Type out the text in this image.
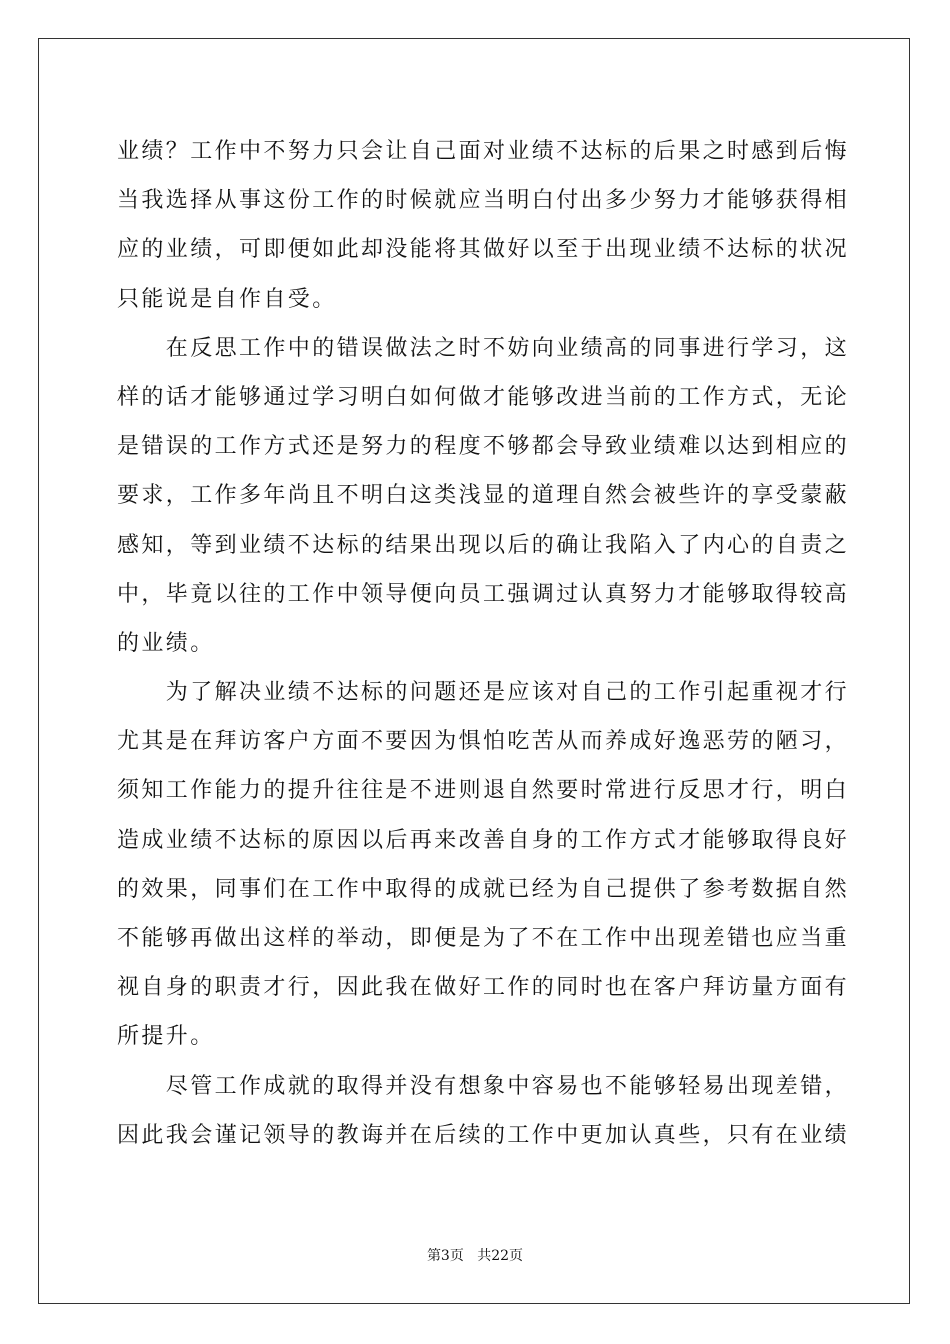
业绩？工作中不努力只会让自己面对业绩不达标的后果之时感到后悔
当我选择从事这份工作的时候就应当明白付出多少努力才能够获得相
应的业绩，可即便如此却没能将其做好以至于出现业绩不达标的状况
只能说是自作自受。
　　在反思工作中的错误做法之时不妨向业绩高的同事进行学习，这
样的话才能够通过学习明白如何做才能够改进当前的工作方式，无论
是错误的工作方式还是努力的程度不够都会导致业绩难以达到相应的
要求，工作多年尚且不明白这类浅显的道理自然会被些许的享受蒙蔽
感知，等到业绩不达标的结果出现以后的确让我陷入了内心的自责之
中，毕竟以往的工作中领导便向员工强调过认真努力才能够取得较高
的业绩。
　　为了解决业绩不达标的问题还是应该对自己的工作引起重视才行
尤其是在拜访客户方面不要因为惧怕吃苦从而养成好逸恶劳的陋习，
须知工作能力的提升往往是不进则退自然要时常进行反思才行，明白
造成业绩不达标的原因以后再来改善自身的工作方式才能够取得良好
的效果，同事们在工作中取得的成就已经为自己提供了参考数据自然
不能够再做出这样的举动，即便是为了不在工作中出现差错也应当重
视自身的职责才行，因此我在做好工作的同时也在客户拜访量方面有
所提升。
　　尽管工作成就的取得并没有想象中容易也不能够轻易出现差错，
因此我会谨记领导的教诲并在后续的工作中更加认真些，只有在业绩
第3页 共22页
